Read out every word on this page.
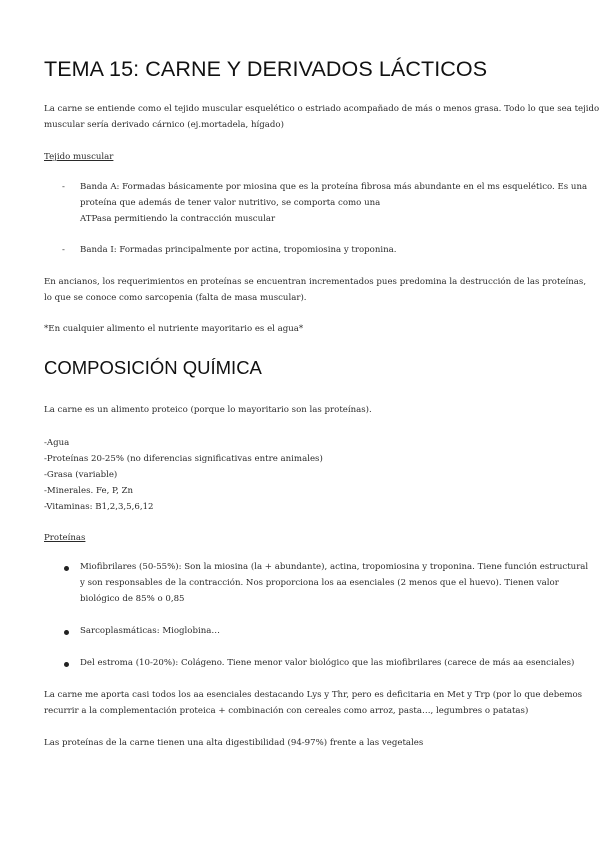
TEMA 15: CARNE Y DERIVADOS LÁCTICOS

La carne se entiende como el tejido muscular esquelético o estriado acompañado de más o menos grasa. Todo lo que sea tejido

muscular sería derivado cárnico (ej.mortadela, hígado)

Tejido muscular

- Banda A: Formadas básicamente por miosina que es la proteína fibrosa más abundante en el ms esquelético. Es una

proteína que además de tener valor nutritivo, se comporta como una

ATPasa permitiendo la contracción muscular

- Banda I: Formadas principalmente por actina, tropomiosina y troponina.

En ancianos, los requerimientos en proteínas se encuentran incrementados pues predomina la destrucción de las proteínas,

lo que se conoce como sarcopenia (falta de masa muscular).

*En cualquier alimento el nutriente mayoritario es el agua*

COMPOSICIÓN QUÍMICA

La carne es un alimento proteico (porque lo mayoritario son las proteínas).

-Agua

-Proteínas 20-25% (no diferencias significativas entre animales)

-Grasa (variable)

-Minerales. Fe, P, Zn

-Vitaminas: B1,2,3,5,6,12

Proteínas

Miofibrilares (50-55%): Son la miosina (la + abundante), actina, tropomiosina y troponina. Tiene función estructural

y son responsables de la contracción. Nos proporciona los aa esenciales (2 menos que el huevo). Tienen valor

biológico de 85% o 0,85

Sarcoplasmáticas: Mioglobina…

Del estroma (10-20%): Colágeno. Tiene menor valor biológico que las miofibrilares (carece de más aa esenciales)

La carne me aporta casi todos los aa esenciales destacando Lys y Thr, pero es deficitaria en Met y Trp (por lo que debemos

recurrir a la complementación proteica + combinación con cereales como arroz, pasta…, legumbres o patatas)

Las proteínas de la carne tienen una alta digestibilidad (94-97%) frente a las vegetales
